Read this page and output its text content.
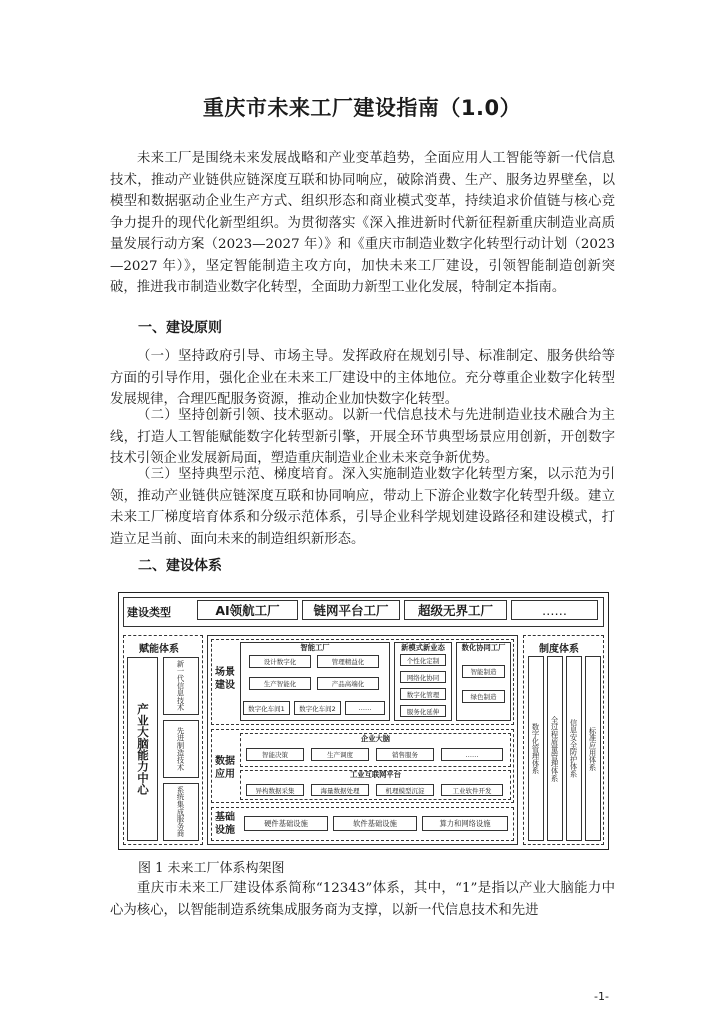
重庆市未来工厂建设指南（1.0）

未来工厂是围绕未来发展战略和产业变革趋势，全面应用人工智能等新一代信息技术，推动产业链供应链深度互联和协同响应，破除消费、生产、服务边界壁垒，以模型和数据驱动企业生产方式、组织形态和商业模式变革，持续追求价值链与核心竞争力提升的现代化新型组织。为贯彻落实《深入推进新时代新征程新重庆制造业高质量发展行动方案（2023—2027 年）》和《重庆市制造业数字化转型行动计划（2023—2027 年）》，坚定智能制造主攻方向，加快未来工厂建设，引领智能制造创新突破，推进我市制造业数字化转型，全面助力新型工业化发展，特制定本指南。

一、建设原则

（一）坚持政府引导、市场主导。发挥政府在规划引导、标准制定、服务供给等方面的引导作用，强化企业在未来工厂建设中的主体地位。充分尊重企业数字化转型发展规律，合理匹配服务资源，推动企业加快数字化转型。

（二）坚持创新引领、技术驱动。以新一代信息技术与先进制造业技术融合为主线，打造人工智能赋能数字化转型新引擎，开展全环节典型场景应用创新，开创数字技术引领企业发展新局面，塑造重庆制造业企业未来竞争新优势。

（三）坚持典型示范、梯度培育。深入实施制造业数字化转型方案，以示范为引领，推动产业链供应链深度互联和协同响应，带动上下游企业数字化转型升级。建立未来工厂梯度培育体系和分级示范体系，引导企业科学规划建设路径和建设模式，打造立足当前、面向未来的制造组织新形态。

二、建设体系
建设类型	AI领航工厂	链网平台工厂	超级无界工厂	……
赋能体系
产业大脑能力中心
新一代信息技术
先进制造技术
系统集成服务商
场景建设
智能工厂
设计数字化	管理精益化
生产智能化	产品高端化
数字化车间1	数字化车间2	……
新模式新业态
个性化定制
网络化协同
数字化管理
服务化延伸
数化协同工厂
智能制造
绿色制造
数据应用
企业大脑
智能决策	生产调度	销售服务	……
工业互联网平台
异构数据采集	海量数据处理	机理模型沉淀	工业软件开发
基础设施
硬件基础设施	软件基础设施	算力和网络设施
制度体系
数字化管理体系 全过程质量管理体系 信息安全防护体系 标准应用体系
图 1 未来工厂体系构架图

重庆市未来工厂建设体系简称“12343”体系，其中，“1”是指以产业大脑能力中心为核心，以智能制造系统集成服务商为支撑，以新一代信息技术和先进

-1-
